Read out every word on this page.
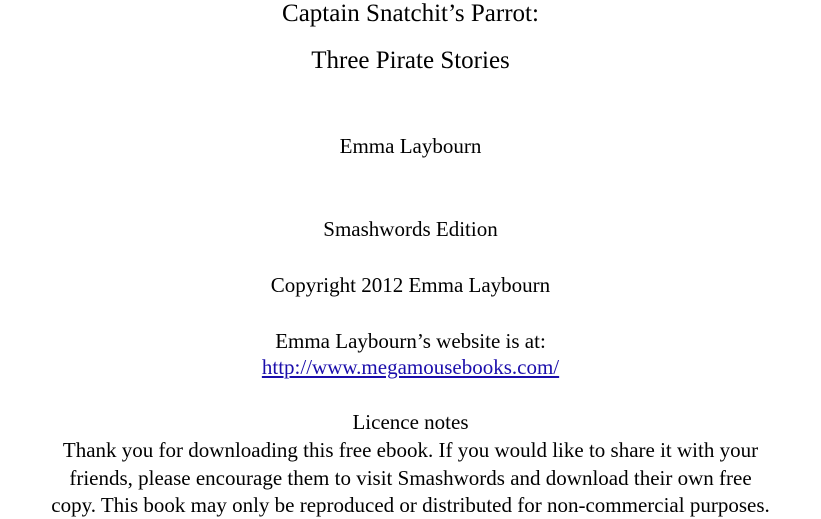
Captain Snatchit’s Parrot:
Three Pirate Stories
Emma Laybourn
Smashwords Edition
Copyright 2012 Emma Laybourn
Emma Laybourn’s website is at:
http://www.megamousebooks.com/
Licence notes
Thank you for downloading this free ebook. If you would like to share it with your
friends, please encourage them to visit Smashwords and download their own free
copy. This book may only be reproduced or distributed for non-commercial purposes.
